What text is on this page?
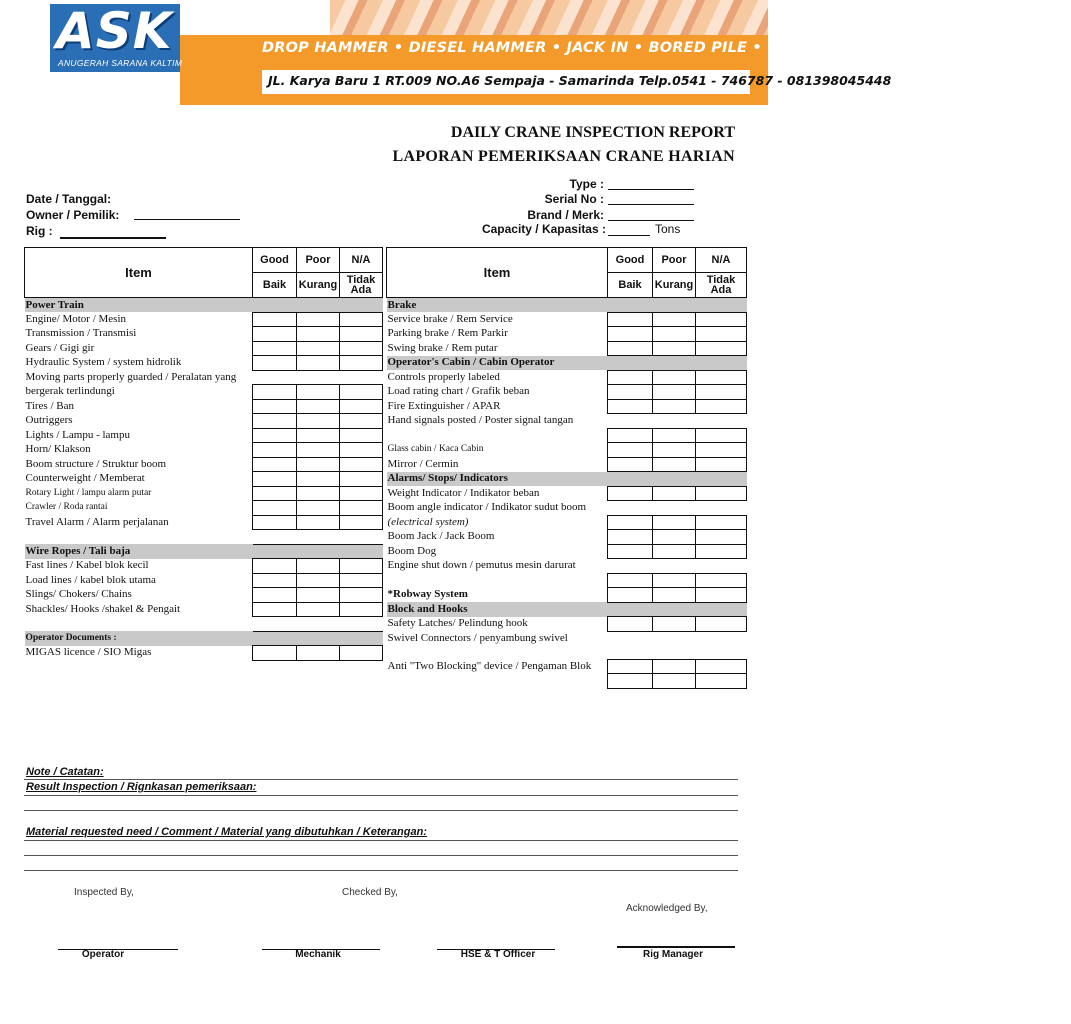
ASK
ANUGERAH SARANA KALTIM
DROP HAMMER • DIESEL HAMMER • JACK IN • BORED PILE • TRIPOD • SUPPLY AND CONTRACTOR
JL. Karya Baru 1 RT.009 NO.A6 Sempaja - Samarinda Telp.0541 - 746787 - 081398045448
DAILY CRANE INSPECTION REPORT
LAPORAN PEMERIKSAAN CRANE HARIAN
Date / Tanggal:
Owner / Pemilik:
Rig :
Type :
Serial No :
Brand / Merk:
Capacity / Kapasitas :	Tons
Item	Good	Poor	N/A
	Baik	Kurang	Tidak
Ada
Power Train			
Engine/ Motor / Mesin			
Transmission / Transmisi			
Gears / Gigi gir			
Hydraulic System / system hidrolik			
Moving parts properly guarded / Peralatan yang			
bergerak terlindungi			
Tires / Ban			
Outriggers			
Lights / Lampu - lampu			
Horn/ Klakson			
Boom structure / Struktur boom			
Counterweight / Memberat			
Rotary Light / lampu alarm putar			
Crawler / Roda rantai			
Travel Alarm / Alarm perjalanan			

Wire Ropes / Tali baja			
Fast lines / Kabel blok kecil			
Load lines / kabel blok utama			
Slings/ Chokers/ Chains			
Shackles/ Hooks /shakel & Pengait			

Operator Documents :			
MIGAS licence / SIO Migas			

Item	Good	Poor	N/A
	Baik	Kurang	Tidak
Ada
Brake			
Service brake / Rem Service			
Parking brake / Rem Parkir			
Swing brake / Rem putar			
Operator's Cabin / Cabin Operator			
Controls properly labeled			
Load rating chart / Grafik beban			
Fire Extinguisher / APAR			
Hand signals posted / Poster signal tangan			

Glass cabin / Kaca Cabin			
Mirror / Cermin			
Alarms/ Stops/ Indicators			
Weight Indicator / Indikator beban			
Boom angle indicator / Indikator sudut boom			
(electrical system)			
Boom Jack / Jack Boom			
Boom Dog			
Engine shut down / pemutus mesin darurat			

*Robway System			
Block and Hooks			
Safety Latches/ Pelindung hook			
Swivel Connectors / penyambung swivel			

Anti "Two Blocking" device / Pengaman Blok			

Note / Catatan:
Result Inspection / Rignkasan pemeriksaan:
Material requested need / Comment / Material yang dibutuhkan / Keterangan:
Inspected By,	Checked By,
Acknowledged By,
Operator	Mechanik	HSE & T Officer	Rig Manager
